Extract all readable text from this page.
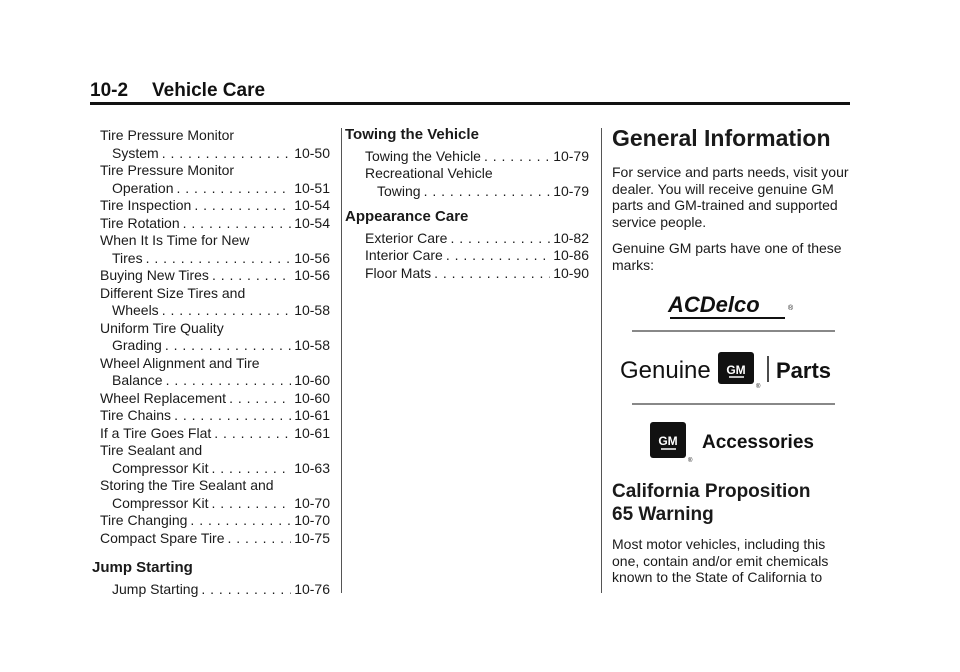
10-2 Vehicle Care
Tire Pressure Monitor
System . . .	10-50
Tire Pressure Monitor
Operation . . .	10-51
Tire Inspection . . .	10-54
Tire Rotation . . .	10-54
When It Is Time for New
Tires . . .	10-56
Buying New Tires . . .	10-56
Different Size Tires and
Wheels . . .	10-58
Uniform Tire Quality
Grading . . .	10-58
Wheel Alignment and Tire
Balance . . .	10-60
Wheel Replacement . . .	10-60
Tire Chains . . .	10-61
If a Tire Goes Flat . . .	10-61
Tire Sealant and
Compressor Kit . . .	10-63
Storing the Tire Sealant and
Compressor Kit . . .	10-70
Tire Changing . . .	10-70
Compact Spare Tire . . .	10-75
Jump Starting
Jump Starting . . .	10-76
Towing the Vehicle
Towing the Vehicle . . .	10-79
Recreational Vehicle
Towing . . .	10-79
Appearance Care
Exterior Care . . .	10-82
Interior Care . . .	10-86
Floor Mats . . .	10-90
General Information

For service and parts needs, visit your dealer. You will receive genuine GM parts and GM-trained and supported service people.

Genuine GM parts have one of these marks:

ACDelco	®
Genuine GM
®
Parts
GM
®
Accessories
California Proposition
65 Warning

Most motor vehicles, including this one, contain and/or emit chemicals known to the State of California to
